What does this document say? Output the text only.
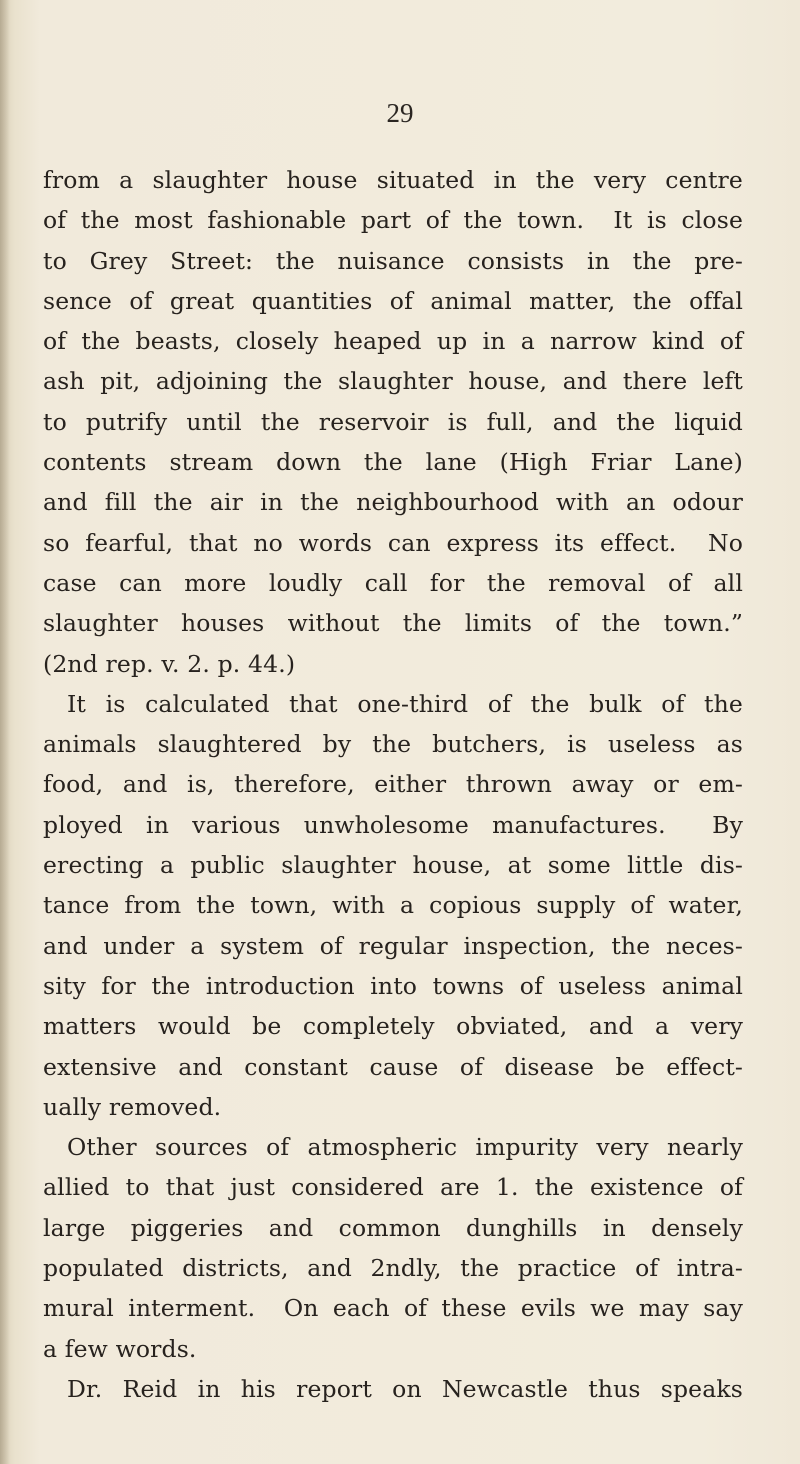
29

from a slaughter house situated in the very centre
of the most fashionable part of the town.  It is close
to Grey Street: the nuisance consists in the pre-
sence of great quantities of animal matter, the offal
of the beasts, closely heaped up in a narrow kind of
ash pit, adjoining the slaughter house, and there left
to putrify until the reservoir is full, and the liquid
contents stream down the lane (High Friar Lane)
and fill the air in the neighbourhood with an odour
so fearful, that no words can express its effect.  No
case can more loudly call for the removal of all
slaughter houses without the limits of the town.”
(2nd rep. v. 2. p. 44.)
It is calculated that one-third of the bulk of the
animals slaughtered by the butchers, is useless as
food, and is, therefore, either thrown away or em-
ployed in various unwholesome manufactures.  By
erecting a public slaughter house, at some little dis-
tance from the town, with a copious supply of water,
and under a system of regular inspection, the neces-
sity for the introduction into towns of useless animal
matters would be completely obviated, and a very
extensive and constant cause of disease be effect-
ually removed.
Other sources of atmospheric impurity very nearly
allied to that just considered are 1. the existence of
large piggeries and common dunghills in densely
populated districts, and 2ndly, the practice of intra-
mural interment.  On each of these evils we may say
a few words.
Dr. Reid in his report on Newcastle thus speaks
